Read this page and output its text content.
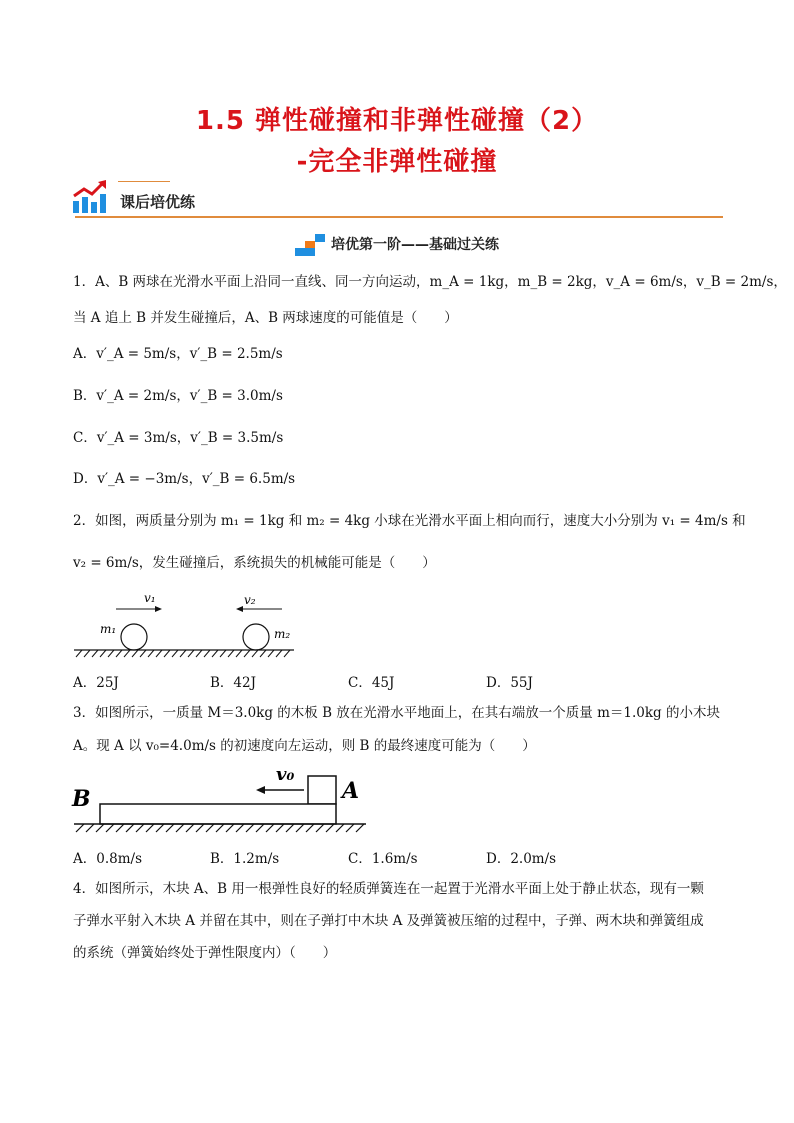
1.5 弹性碰撞和非弹性碰撞（2）
-完全非弹性碰撞
课后培优练
培优第一阶——基础过关练
1．A、B 两球在光滑水平面上沿同一直线、同一方向运动，m_A = 1kg，m_B = 2kg，v_A = 6m/s，v_B = 2m/s，
当 A 追上 B 并发生碰撞后，A、B 两球速度的可能值是（　　）
A．v′_A = 5m/s，v′_B = 2.5m/s
B．v′_A = 2m/s，v′_B = 3.0m/s
C．v′_A = 3m/s，v′_B = 3.5m/s
D．v′_A = −3m/s，v′_B = 6.5m/s
2．如图，两质量分别为 m₁ = 1kg 和 m₂ = 4kg 小球在光滑水平面上相向而行，速度大小分别为 v₁ = 4m/s 和
v₂ = 6m/s，发生碰撞后，系统损失的机械能可能是（　　）
v₁	v₂
m₁	m₂
A．25J	B．42J	C．45J	D．55J
3．如图所示，一质量 M＝3.0kg 的木板 B 放在光滑水平地面上，在其右端放一个质量 m＝1.0kg 的小木块
A。现 A 以 v₀=4.0m/s 的初速度向左运动，则 B 的最终速度可能为（　　）
B
v₀
A
A．0.8m/s	B．1.2m/s	C．1.6m/s	D．2.0m/s
4．如图所示，木块 A、B 用一根弹性良好的轻质弹簧连在一起置于光滑水平面上处于静止状态，现有一颗
子弹水平射入木块 A 并留在其中，则在子弹打中木块 A 及弹簧被压缩的过程中，子弹、两木块和弹簧组成
的系统（弹簧始终处于弹性限度内）（　　）
